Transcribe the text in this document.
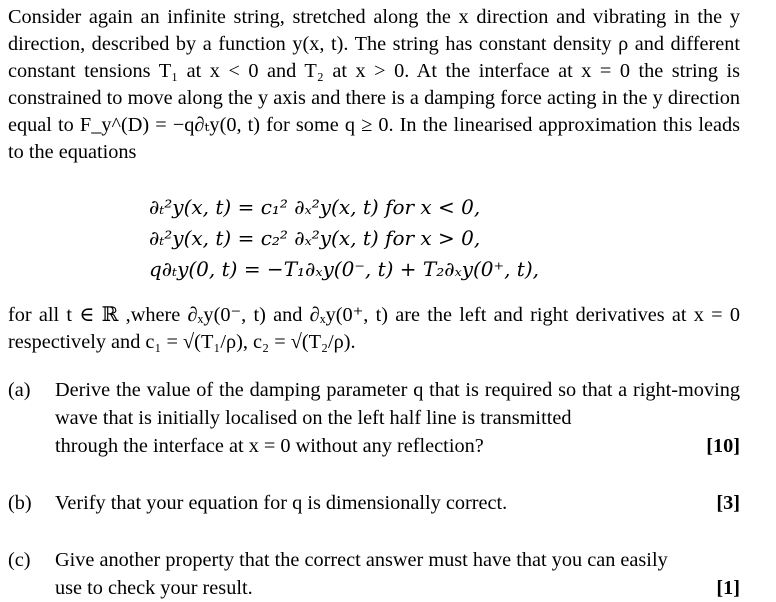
Consider again an infinite string, stretched along the x direction and vibrating in the y direction, described by a function y(x, t). The string has constant density ρ and different constant tensions T₁ at x < 0 and T₂ at x > 0. At the interface at x = 0 the string is constrained to move along the y axis and there is a damping force acting in the y direction equal to F_y^(D) = −q∂ₜy(0, t) for some q ≥ 0. In the linearised approximation this leads to the equations

∂ₜ²y(x, t) = c₁² ∂ₓ²y(x, t) for x < 0,
∂ₜ²y(x, t) = c₂² ∂ₓ²y(x, t) for x > 0,
q∂ₜy(0, t) = −T₁∂ₓy(0⁻, t) + T₂∂ₓy(0⁺, t),

for all t ∈ ℝ ,where ∂ₓy(0⁻, t) and ∂ₓy(0⁺, t) are the left and right derivatives at x = 0 respectively and c₁ = √(T₁/ρ), c₂ = √(T₂/ρ).

(a)	Derive the value of the damping parameter q that is required so that a right-moving wave that is initially localised on the left half line is transmitted
through the interface at x = 0 without any reflection?	[10]
(b)	Verify that your equation for q is dimensionally correct.	[3]
(c)	Give another property that the correct answer must have that you can easily
use to check your result.	[1]
